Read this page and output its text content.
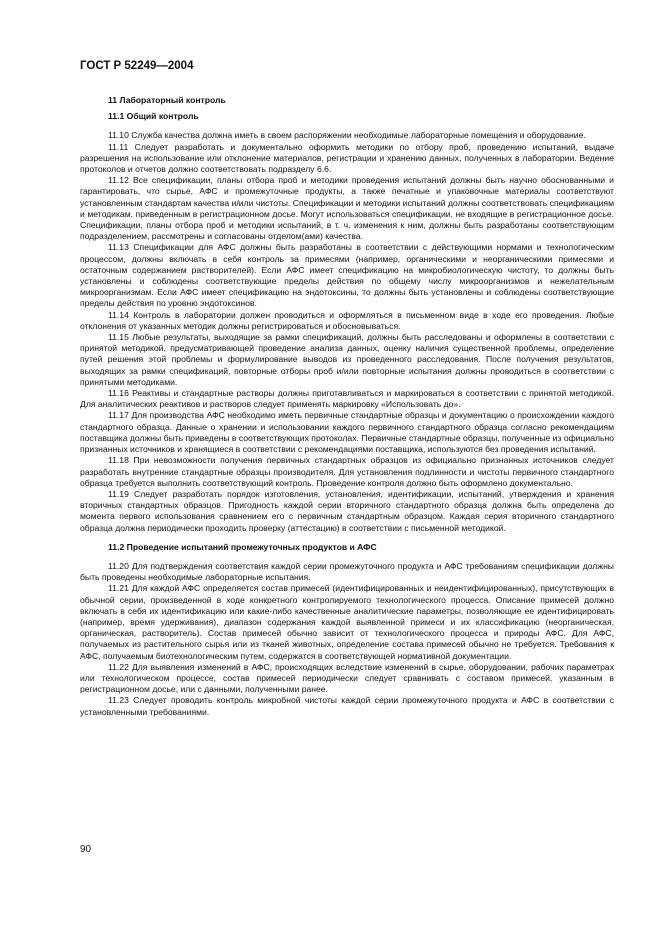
ГОСТ Р 52249—2004
11 Лабораторный контроль
11.1 Общий контроль

11.10 Служба качества должна иметь в своем распоряжении необходимые лабораторные помещения и оборудование.

11.11 Следует разработать и документально оформить методики по отбору проб, проведению испытаний, выдаче разрешения на использование или отклонение материалов, регистрации и хранению данных, полученных в лаборатории. Ведение протоколов и отчетов должно соответствовать подразделу 6.6.

11.12 Все спецификации, планы отбора проб и методики проведения испытаний должны быть научно обоснованными и гарантировать, что сырье, АФС и промежуточные продукты, а также печатные и упаковочные материалы соответствуют установленным стандартам качества и/или чистоты. Спецификации и методики испытаний должны соответствовать спецификациям и методикам, приведенным в регистрационном досье. Могут использоваться спецификации, не входящие в регистрационное досье. Спецификации, планы отбора проб и методики испытаний, в т. ч. изменения к ним, должны быть разработаны соответствующим подразделением, рассмотрены и согласованы отделом(ами) качества.

11.13 Спецификации для АФС должны быть разработаны в соответствии с действующими нормами и технологическим процессом, должны включать в себя контроль за примесями (например, органическими и неорганическими примесями и остаточным содержанием растворителей). Если АФС имеет спецификацию на микробиологическую чистоту, то должны быть установлены и соблюдены соответствующие пределы действия по общему числу микроорганизмов и нежелательным микроорганизмам. Если АФС имеет спецификацию на эндотоксины, то должны быть установлены и соблюдены соответствующие пределы действия по уровню эндотоксинов.

11.14 Контроль в лаборатории должен проводиться и оформляться в письменном виде в ходе его проведения. Любые отклонения от указанных методик должны регистрироваться и обосновываться.

11.15 Любые результаты, выходящие за рамки спецификаций, должны быть расследованы и оформлены в соответствии с принятой методикой, предусматривающей проведение анализа данных, оценку наличия существенной проблемы, определение путей решения этой проблемы и формулирование выводов из проведенного расследования. После получения результатов, выходящих за рамки спецификаций, повторные отборы проб и/или повторные испытания должны проводиться в соответствии с принятыми методиками.

11.16 Реактивы и стандартные растворы должны приготавливаться и маркироваться в соответствии с принятой методикой. Для аналитических реактивов и растворов следует применять маркировку «Использовать до».

11.17 Для производства АФС необходимо иметь первичные стандартные образцы и документацию о происхождении каждого стандартного образца. Данные о хранении и использовании каждого первичного стандартного образца согласно рекомендациям поставщика должны быть приведены в соответствующих протоколах. Первичные стандартные образцы, полученные из официально признанных источников и хранящиеся в соответствии с рекомендациями поставщика, используются без проведения испытаний.

11.18 При невозможности получения первичных стандартных образцов из официально признанных источников следует разработать внутренние стандартные образцы производителя. Для установления подлинности и чистоты первичного стандартного образца требуется выполнить соответствующий контроль. Проведение контроля должно быть оформлено документально.

11.19 Следует разработать порядок изготовления, установления, идентификации, испытаний, утверждения и хранения вторичных стандартных образцов. Пригодность каждой серии вторичного стандартного образца должна быть определена до момента первого использования сравнением его с первичным стандартным образцом. Каждая серия вторичного стандартного образца должна периодически проходить проверку (аттестацию) в соответствии с письменной методикой.

11.2 Проведение испытаний промежуточных продуктов и АФС

11.20 Для подтверждения соответствия каждой серии промежуточного продукта и АФС требованиям спецификации должны быть проведены необходимые лабораторные испытания.

11.21 Для каждой АФС определяется состав примесей (идентифицированных и неидентифицированных), присутствующих в обычной серии, произведенной в ходе конкретного контролируемого технологического процесса. Описание примесей должно включать в себя их идентификацию или какие-либо качественные аналитические параметры, позволяющие ее идентифицировать (например, время удерживания), диапазон содержания каждой выявленной примеси и их классификацию (неорганическая, органическая, растворитель). Состав примесей обычно зависит от технологического процесса и природы АФС. Для АФС, получаемых из растительного сырья или из тканей животных, определение состава примесей обычно не требуется. Требования к АФС, получаемым биотехнологическим путем, содержатся в соответствующей нормативной документации.

11.22 Для выявления изменений в АФС, происходящих вследствие изменений в сырье, оборудовании, рабочих параметрах или технологическом процессе, состав примесей периодически следует сравнивать с составом примесей, указанным в регистрационном досье, или с данными, полученными ранее.

11.23 Следует проводить контроль микробной чистоты каждой серии промежуточного продукта и АФС в соответствии с установленными требованиями.

90
